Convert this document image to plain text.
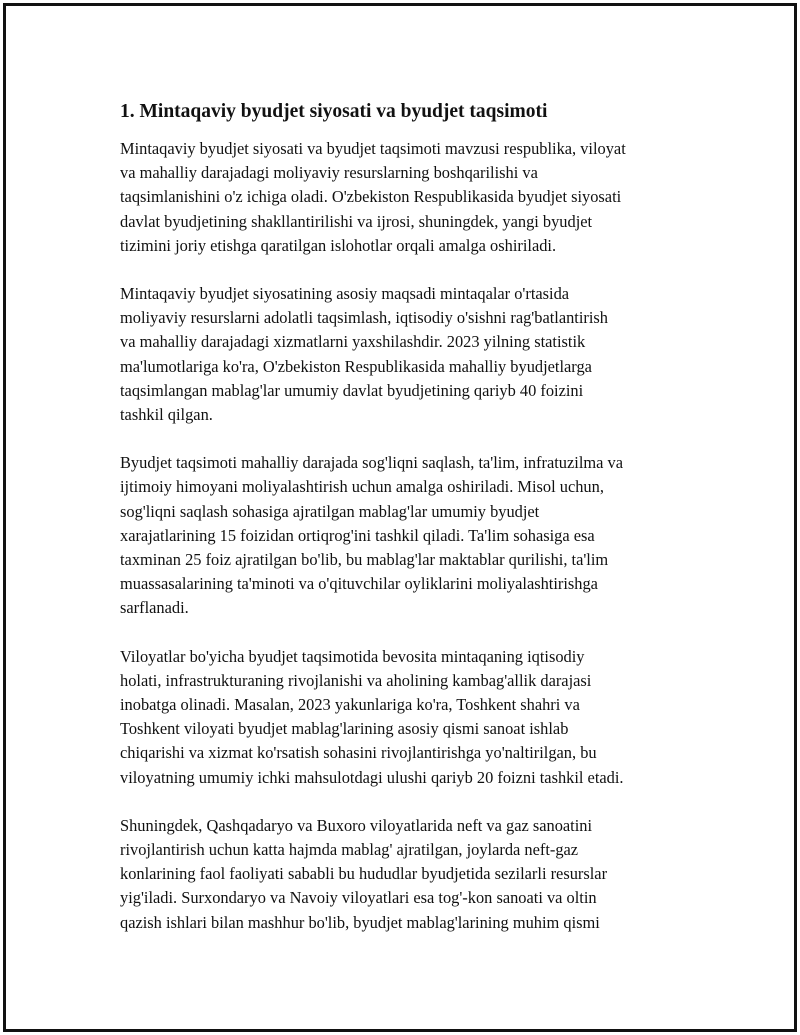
1. Mintaqaviy byudjet siyosati va byudjet taqsimoti
Mintaqaviy byudjet siyosati va byudjet taqsimoti mavzusi respublika, viloyat
va mahalliy darajadagi moliyaviy resurslarning boshqarilishi va
taqsimlanishini o'z ichiga oladi. O'zbekiston Respublikasida byudjet siyosati
davlat byudjetining shakllantirilishi va ijrosi, shuningdek, yangi byudjet
tizimini joriy etishga qaratilgan islohotlar orqali amalga oshiriladi.
Mintaqaviy byudjet siyosatining asosiy maqsadi mintaqalar o'rtasida
moliyaviy resurslarni adolatli taqsimlash, iqtisodiy o'sishni rag'batlantirish
va mahalliy darajadagi xizmatlarni yaxshilashdir. 2023 yilning statistik
ma'lumotlariga ko'ra, O'zbekiston Respublikasida mahalliy byudjetlarga
taqsimlangan mablag'lar umumiy davlat byudjetining qariyb 40 foizini
tashkil qilgan.
Byudjet taqsimoti mahalliy darajada sog'liqni saqlash, ta'lim, infratuzilma va
ijtimoiy himoyani moliyalashtirish uchun amalga oshiriladi. Misol uchun,
sog'liqni saqlash sohasiga ajratilgan mablag'lar umumiy byudjet
xarajatlarining 15 foizidan ortiqrog'ini tashkil qiladi. Ta'lim sohasiga esa
taxminan 25 foiz ajratilgan bo'lib, bu mablag'lar maktablar qurilishi, ta'lim
muassasalarining ta'minoti va o'qituvchilar oyliklarini moliyalashtirishga
sarflanadi.
Viloyatlar bo'yicha byudjet taqsimotida bevosita mintaqaning iqtisodiy
holati, infrastrukturaning rivojlanishi va aholining kambag'allik darajasi
inobatga olinadi. Masalan, 2023 yakunlariga ko'ra, Toshkent shahri va
Toshkent viloyati byudjet mablag'larining asosiy qismi sanoat ishlab
chiqarishi va xizmat ko'rsatish sohasini rivojlantirishga yo'naltirilgan, bu
viloyatning umumiy ichki mahsulotdagi ulushi qariyb 20 foizni tashkil etadi.
Shuningdek, Qashqadaryo va Buxoro viloyatlarida neft va gaz sanoatini
rivojlantirish uchun katta hajmda mablag' ajratilgan, joylarda neft-gaz
konlarining faol faoliyati sababli bu hududlar byudjetida sezilarli resurslar
yig'iladi. Surxondaryo va Navoiy viloyatlari esa tog'-kon sanoati va oltin
qazish ishlari bilan mashhur bo'lib, byudjet mablag'larining muhim qismi
